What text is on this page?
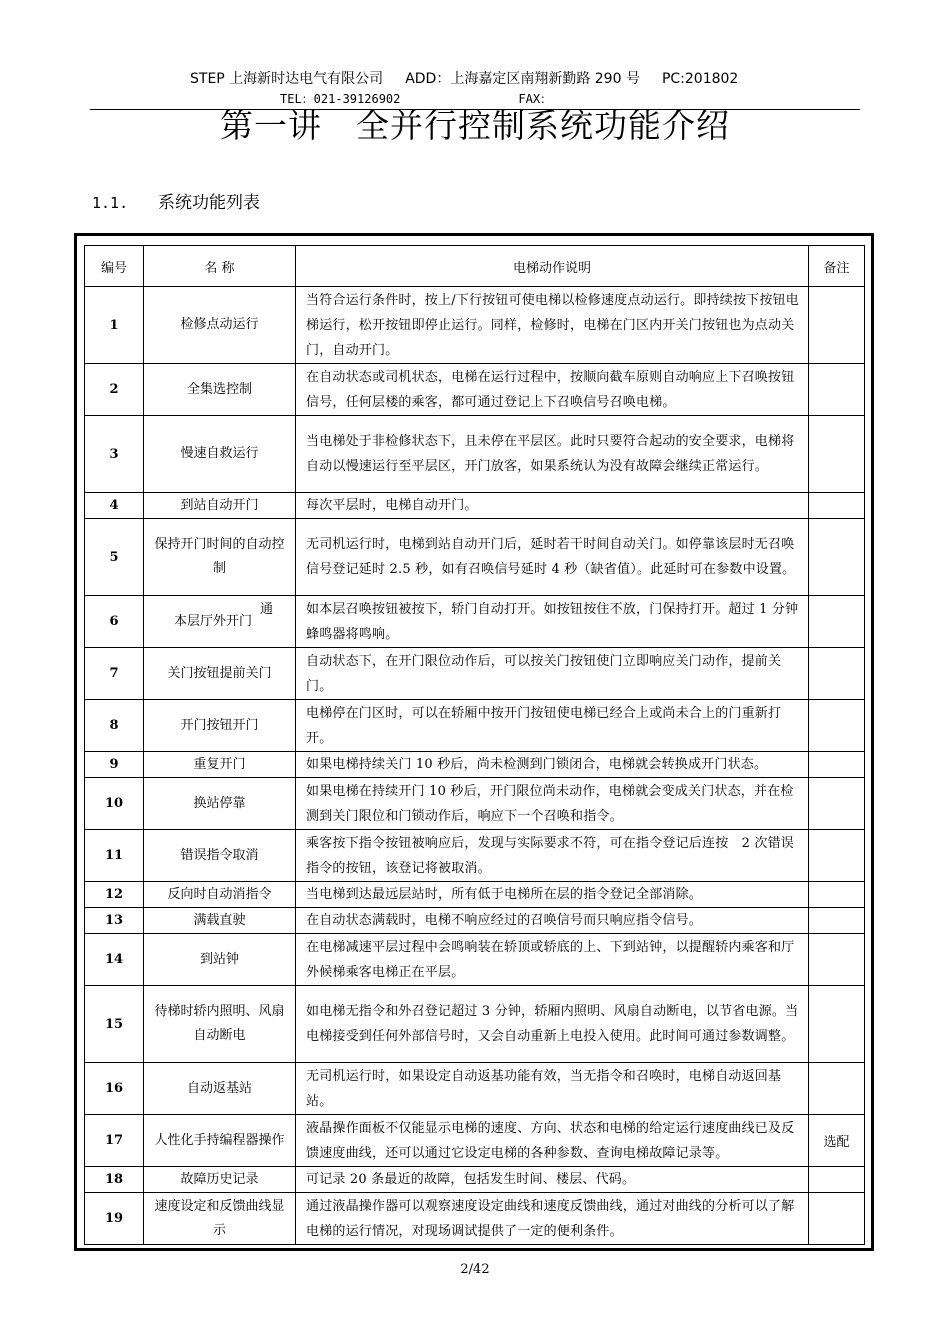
STEP 上海新时达电气有限公司 ADD：上海嘉定区南翔新勤路 290 号 PC:201802
TEL：021-39126902	FAX：
第一讲　全并行控制系统功能介绍
1.1. 系统功能列表
编号	名 称	电梯动作说明	备注
1	检修点动运行	当符合运行条件时，按上/下行按钮可使电梯以检修速度点动运行。即持续按下按钮电梯运行，松开按钮即停止运行。同样，检修时，电梯在门区内开关门按钮也为点动关门，自动开门。	
2	全集选控制	在自动状态或司机状态，电梯在运行过程中，按顺向截车原则自动响应上下召唤按钮信号，任何层楼的乘客，都可通过登记上下召唤信号召唤电梯。	
3	慢速自救运行	当电梯处于非检修状态下，且未停在平层区。此时只要符合起动的安全要求，电梯将自动以慢速运行至平层区，开门放客，如果系统认为没有故障会继续正常运行。	
4	到站自动开门	每次平层时，电梯自动开门。	
5	保持开门时间的自动控制	无司机运行时，电梯到站自动开门后，延时若干时间自动关门。如停靠该层时无召唤信号登记延时 2.5 秒，如有召唤信号延时 4 秒（缺省值）。此延时可在参数中设置。	
6	本层厅外开门通	如本层召唤按钮被按下，轿门自动打开。如按钮按住不放，门保持打开。超过 1 分钟蜂鸣器将鸣响。	
7	关门按钮提前关门	自动状态下，在开门限位动作后，可以按关门按钮使门立即响应关门动作，提前关门。	
8	开门按钮开门	电梯停在门区时，可以在轿厢中按开门按钮使电梯已经合上或尚未合上的门重新打开。	
9	重复开门	如果电梯持续关门 10 秒后，尚未检测到门锁闭合，电梯就会转换成开门状态。	
10	换站停靠	如果电梯在持续开门 10 秒后，开门限位尚未动作，电梯就会变成关门状态，并在检测到关门限位和门锁动作后，响应下一个召唤和指令。	
11	错误指令取消	乘客按下指令按钮被响应后，发现与实际要求不符，可在指令登记后连按　2 次错误指令的按钮，该登记将被取消。	
12	反向时自动消指令	当电梯到达最远层站时，所有低于电梯所在层的指令登记全部消除。	
13	满载直驶	在自动状态满载时，电梯不响应经过的召唤信号而只响应指令信号。	
14	到站钟	在电梯减速平层过程中会鸣响装在轿顶或轿底的上、下到站钟，以提醒轿内乘客和厅外候梯乘客电梯正在平层。	
15	待梯时轿内照明、风扇自动断电	如电梯无指令和外召登记超过 3 分钟，轿厢内照明、风扇自动断电，以节省电源。当电梯接受到任何外部信号时，又会自动重新上电投入使用。此时间可通过参数调整。	
16	自动返基站	无司机运行时，如果设定自动返基功能有效，当无指令和召唤时，电梯自动返回基站。	
17	人性化手持编程器操作	液晶操作面板不仅能显示电梯的速度、方向、状态和电梯的给定运行速度曲线已及反馈速度曲线，还可以通过它设定电梯的各种参数、查询电梯故障记录等。	选配
18	故障历史记录	可记录 20 条最近的故障，包括发生时间、楼层、代码。	
19	速度设定和反馈曲线显示	通过液晶操作器可以观察速度设定曲线和速度反馈曲线，通过对曲线的分析可以了解电梯的运行情况，对现场调试提供了一定的便利条件。	
2/42
